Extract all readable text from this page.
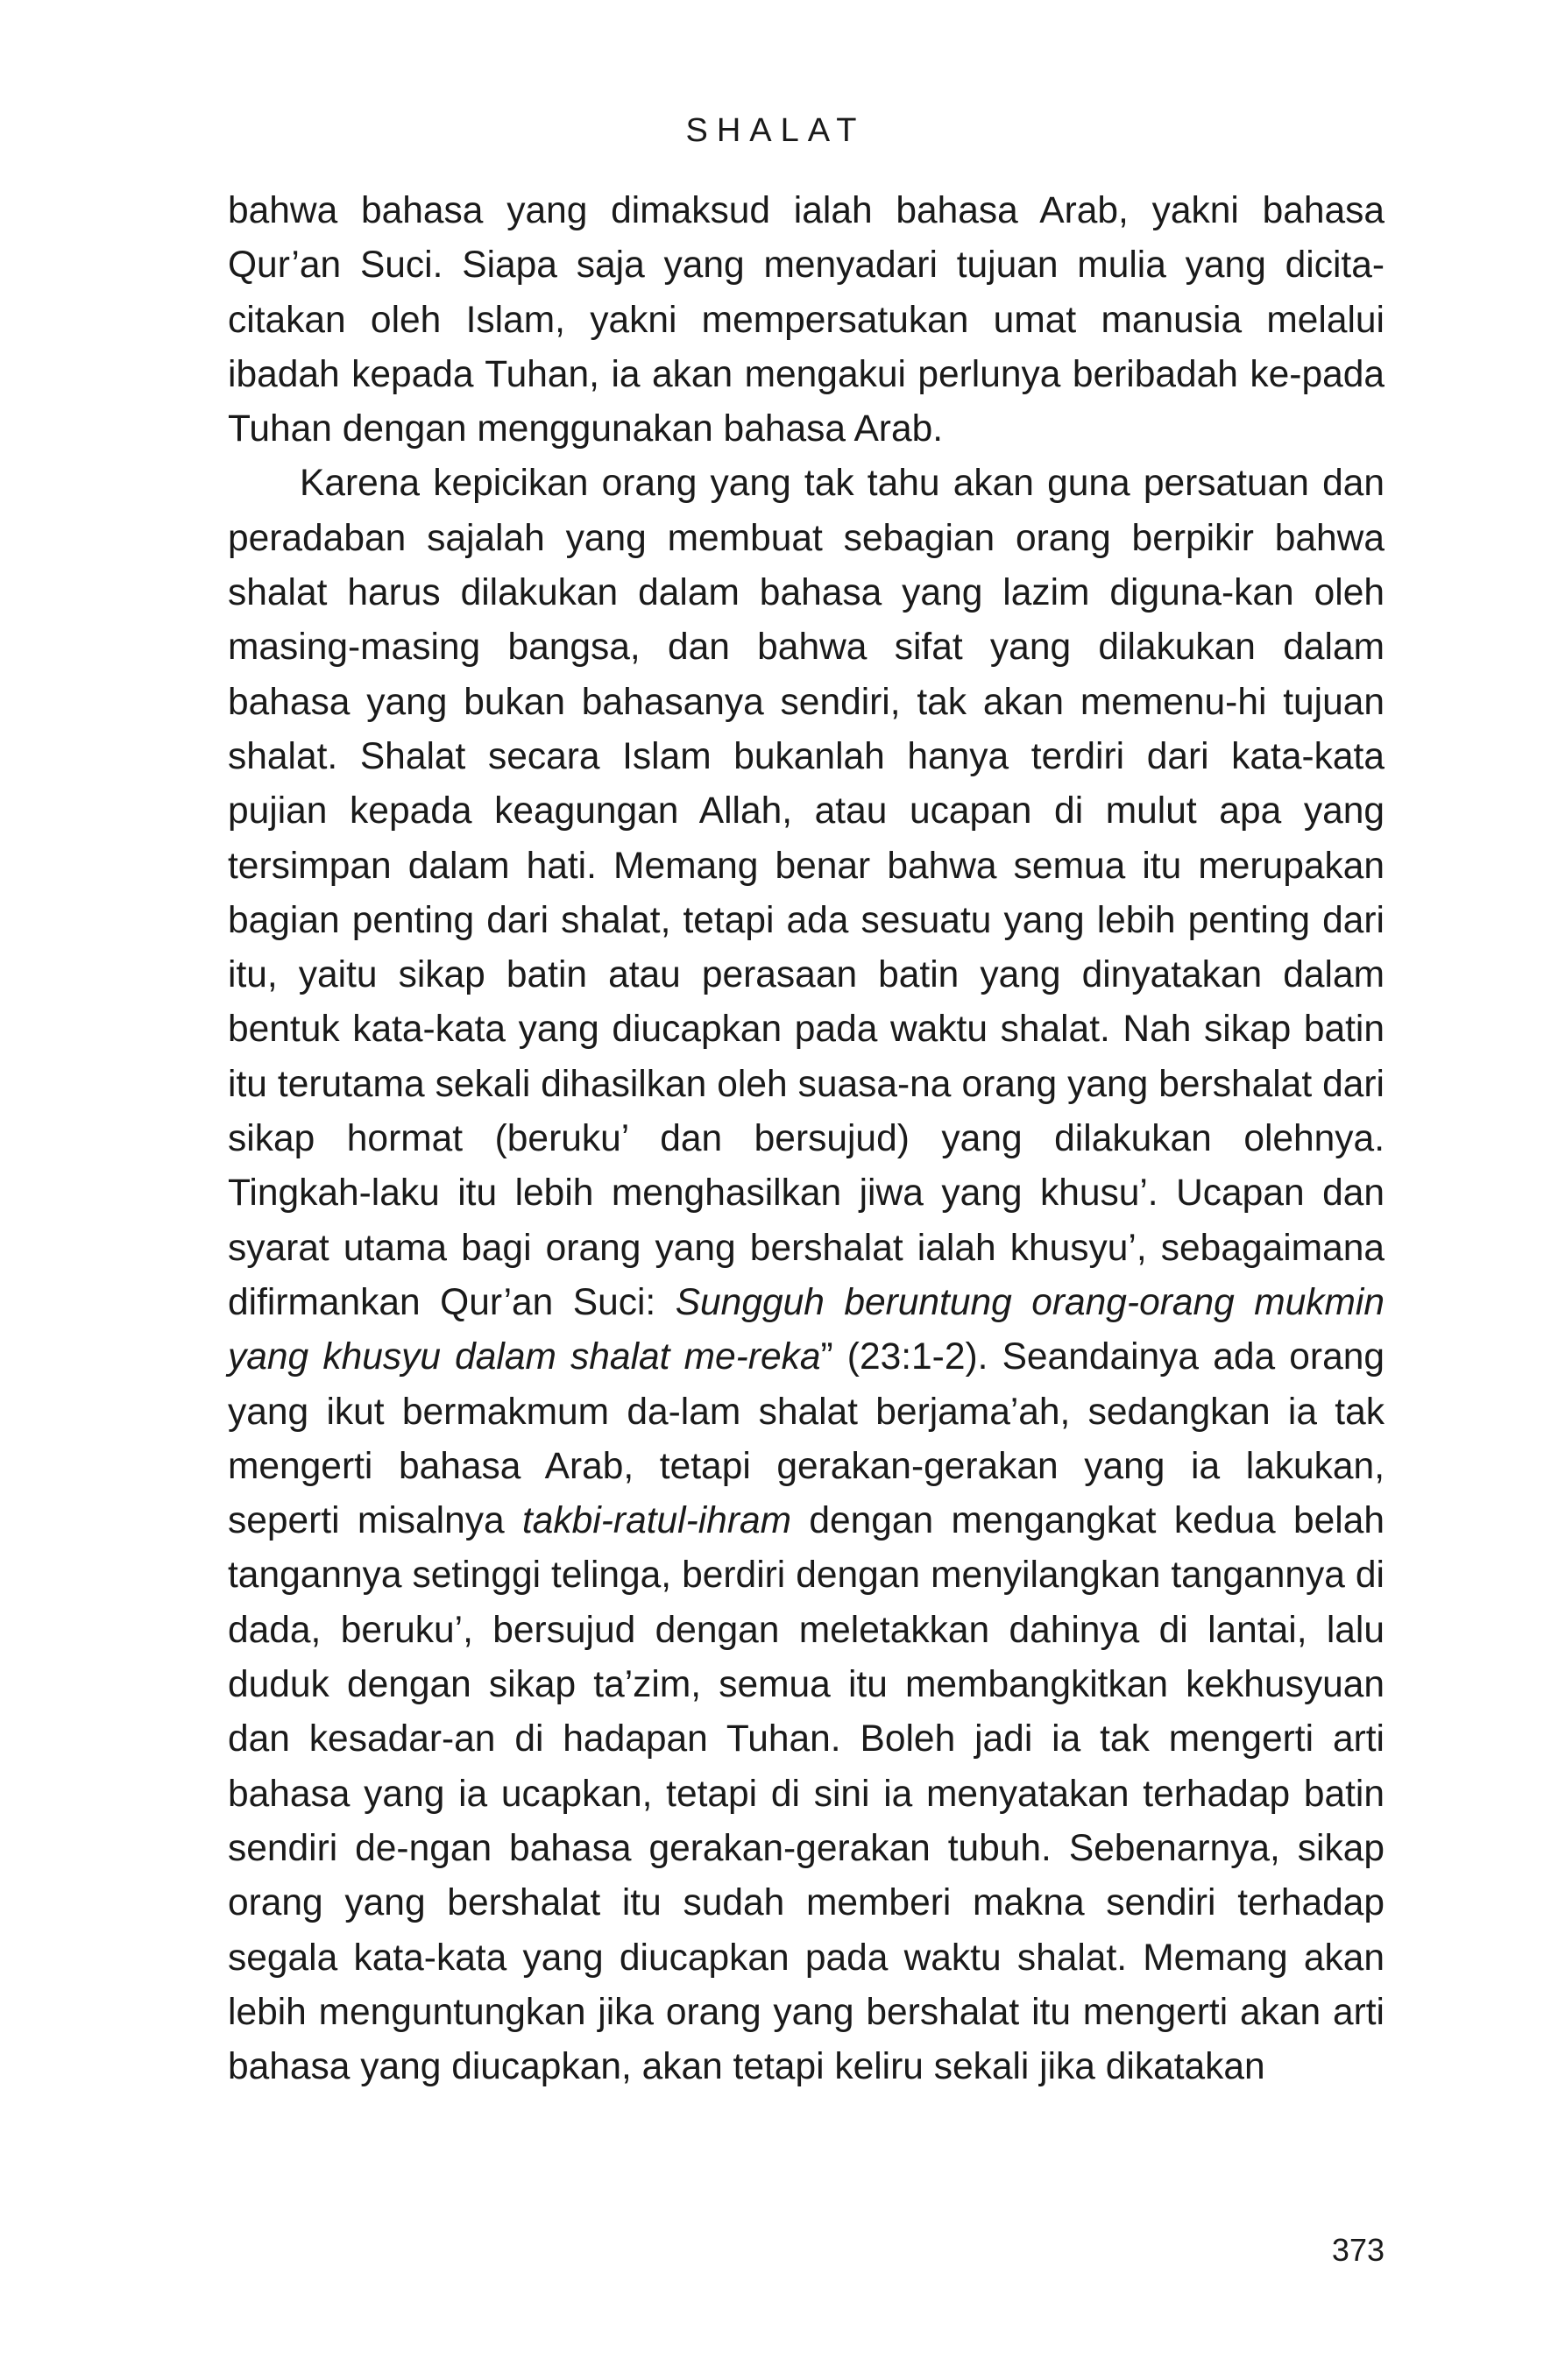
SHALAT

bahwa bahasa yang dimaksud ialah bahasa Arab, yakni bahasa Qur’an Suci. Siapa saja yang menyadari tujuan mulia yang dicita-citakan oleh Islam, yakni mempersatukan umat manusia melalui ibadah kepada Tuhan, ia akan mengakui perlunya beribadah ke-pada Tuhan dengan menggunakan bahasa Arab.

Karena kepicikan orang yang tak tahu akan guna persatuan dan peradaban sajalah yang membuat sebagian orang berpikir bahwa shalat harus dilakukan dalam bahasa yang lazim diguna-kan oleh masing-masing bangsa, dan bahwa sifat yang dilakukan dalam bahasa yang bukan bahasanya sendiri, tak akan memenu-hi tujuan shalat. Shalat secara Islam bukanlah hanya terdiri dari kata-kata pujian kepada keagungan Allah, atau ucapan di mulut apa yang tersimpan dalam hati. Memang benar bahwa semua itu merupakan bagian penting dari shalat, tetapi ada sesuatu yang lebih penting dari itu, yaitu sikap batin atau perasaan batin yang dinyatakan dalam bentuk kata-kata yang diucapkan pada waktu shalat. Nah sikap batin itu terutama sekali dihasilkan oleh suasa-na orang yang bershalat dari sikap hormat (beruku’ dan bersujud) yang dilakukan olehnya. Tingkah-laku itu lebih menghasilkan jiwa yang khusu’. Ucapan dan syarat utama bagi orang yang bershalat ialah khusyu’, sebagaimana difirmankan Qur’an Suci: Sungguh beruntung orang-orang mukmin yang khusyu dalam shalat me-reka” (23:1-2). Seandainya ada orang yang ikut bermakmum da-lam shalat berjama’ah, sedangkan ia tak mengerti bahasa Arab, tetapi gerakan-gerakan yang ia lakukan, seperti misalnya takbi-ratul-ihram dengan mengangkat kedua belah tangannya setinggi telinga, berdiri dengan menyilangkan tangannya di dada, beruku’, bersujud dengan meletakkan dahinya di lantai, lalu duduk dengan sikap ta’zim, semua itu membangkitkan kekhusyuan dan kesadar-an di hadapan Tuhan. Boleh jadi ia tak mengerti arti bahasa yang ia ucapkan, tetapi di sini ia menyatakan terhadap batin sendiri de-ngan bahasa gerakan-gerakan tubuh. Sebenarnya, sikap orang yang bershalat itu sudah memberi makna sendiri terhadap segala kata-kata yang diucapkan pada waktu shalat. Memang akan lebih menguntungkan jika orang yang bershalat itu mengerti akan arti bahasa yang diucapkan, akan tetapi keliru sekali jika dikatakan

373
